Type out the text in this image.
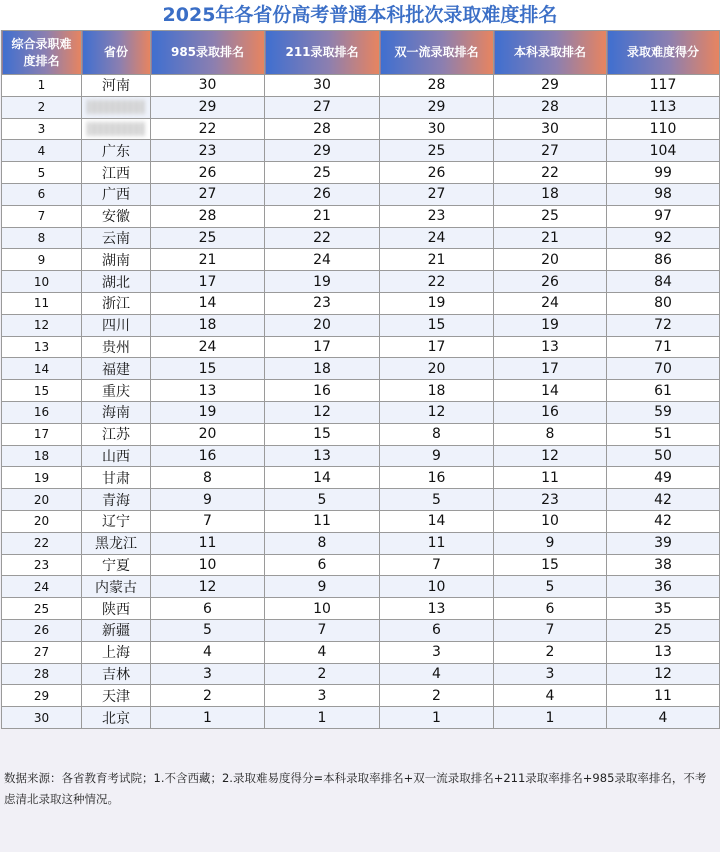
2025年各省份高考普通本科批次录取难度排名
综合录职难度排名	省份	985录取排名	211录取排名	双一流录取排名	本科录取排名	录取难度得分
1	河南	30	30	28	29	117
2		29	27	29	28	113
3		22	28	30	30	110
4	广东	23	29	25	27	104
5	江西	26	25	26	22	99
6	广西	27	26	27	18	98
7	安徽	28	21	23	25	97
8	云南	25	22	24	21	92
9	湖南	21	24	21	20	86
10	湖北	17	19	22	26	84
11	浙江	14	23	19	24	80
12	四川	18	20	15	19	72
13	贵州	24	17	17	13	71
14	福建	15	18	20	17	70
15	重庆	13	16	18	14	61
16	海南	19	12	12	16	59
17	江苏	20	15	8	8	51
18	山西	16	13	9	12	50
19	甘肃	8	14	16	11	49
20	青海	9	5	5	23	42
20	辽宁	7	11	14	10	42
22	黑龙江	11	8	11	9	39
23	宁夏	10	6	7	15	38
24	内蒙古	12	9	10	5	36
25	陕西	6	10	13	6	35
26	新疆	5	7	6	7	25
27	上海	4	4	3	2	13
28	吉林	3	2	4	3	12
29	天津	2	3	2	4	11
30	北京	1	1	1	1	4
数据来源：各省教育考试院；1.不含西藏；2.录取难易度得分=本科录取率排名+双一流录取排名+211录取率排名+985录取率排名，不考虑清北录取这种情况。
